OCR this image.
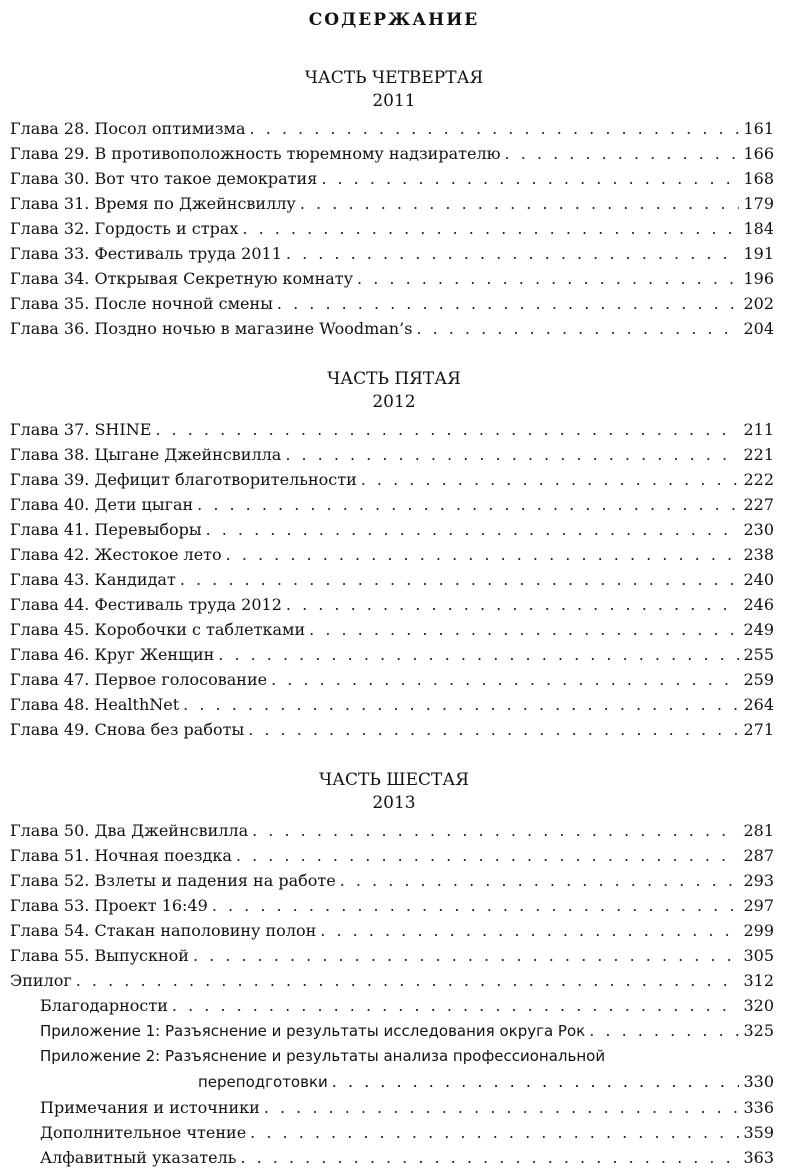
СОДЕРЖАНИЕ
ЧАСТЬ ЧЕТВЕРТАЯ
2011
Глава 28. Посол оптимизма . . .	161
Глава 29. В противоположность тюремному надзирателю . . .	166
Глава 30. Вот что такое демократия . . .	168
Глава 31. Время по Джейнсвиллу . . .	179
Глава 32. Гордость и страх . . .	184
Глава 33. Фестиваль труда 2011 . . .	191
Глава 34. Открывая Секретную комнату . . .	196
Глава 35. После ночной смены . . .	202
Глава 36. Поздно ночью в магазине Woodman’s . . .	204
ЧАСТЬ ПЯТАЯ
2012
Глава 37. SHINE . . .	211
Глава 38. Цыгане Джейнсвилла . . .	221
Глава 39. Дефицит благотворительности . . .	222
Глава 40. Дети цыган . . .	227
Глава 41. Перевыборы . . .	230
Глава 42. Жестокое лето . . .	238
Глава 43. Кандидат . . .	240
Глава 44. Фестиваль труда 2012 . . .	246
Глава 45. Коробочки с таблетками . . .	249
Глава 46. Круг Женщин . . .	255
Глава 47. Первое голосование . . .	259
Глава 48. HealthNet . . .	264
Глава 49. Снова без работы . . .	271
ЧАСТЬ ШЕСТАЯ
2013
Глава 50. Два Джейнсвилла . . .	281
Глава 51. Ночная поездка . . .	287
Глава 52. Взлеты и падения на работе . . .	293
Глава 53. Проект 16:49 . . .	297
Глава 54. Стакан наполовину полон . . .	299
Глава 55. Выпускной . . .	305
Эпилог . . .	312
Благодарности . . .	320
Приложение 1: Разъяснение и результаты исследования округа Рок . . .	325
Приложение 2: Разъяснение и результаты анализа профессиональной
переподготовки . . .	330
Примечания и источники . . .	336
Дополнительное чтение . . .	359
Алфавитный указатель . . .	363
